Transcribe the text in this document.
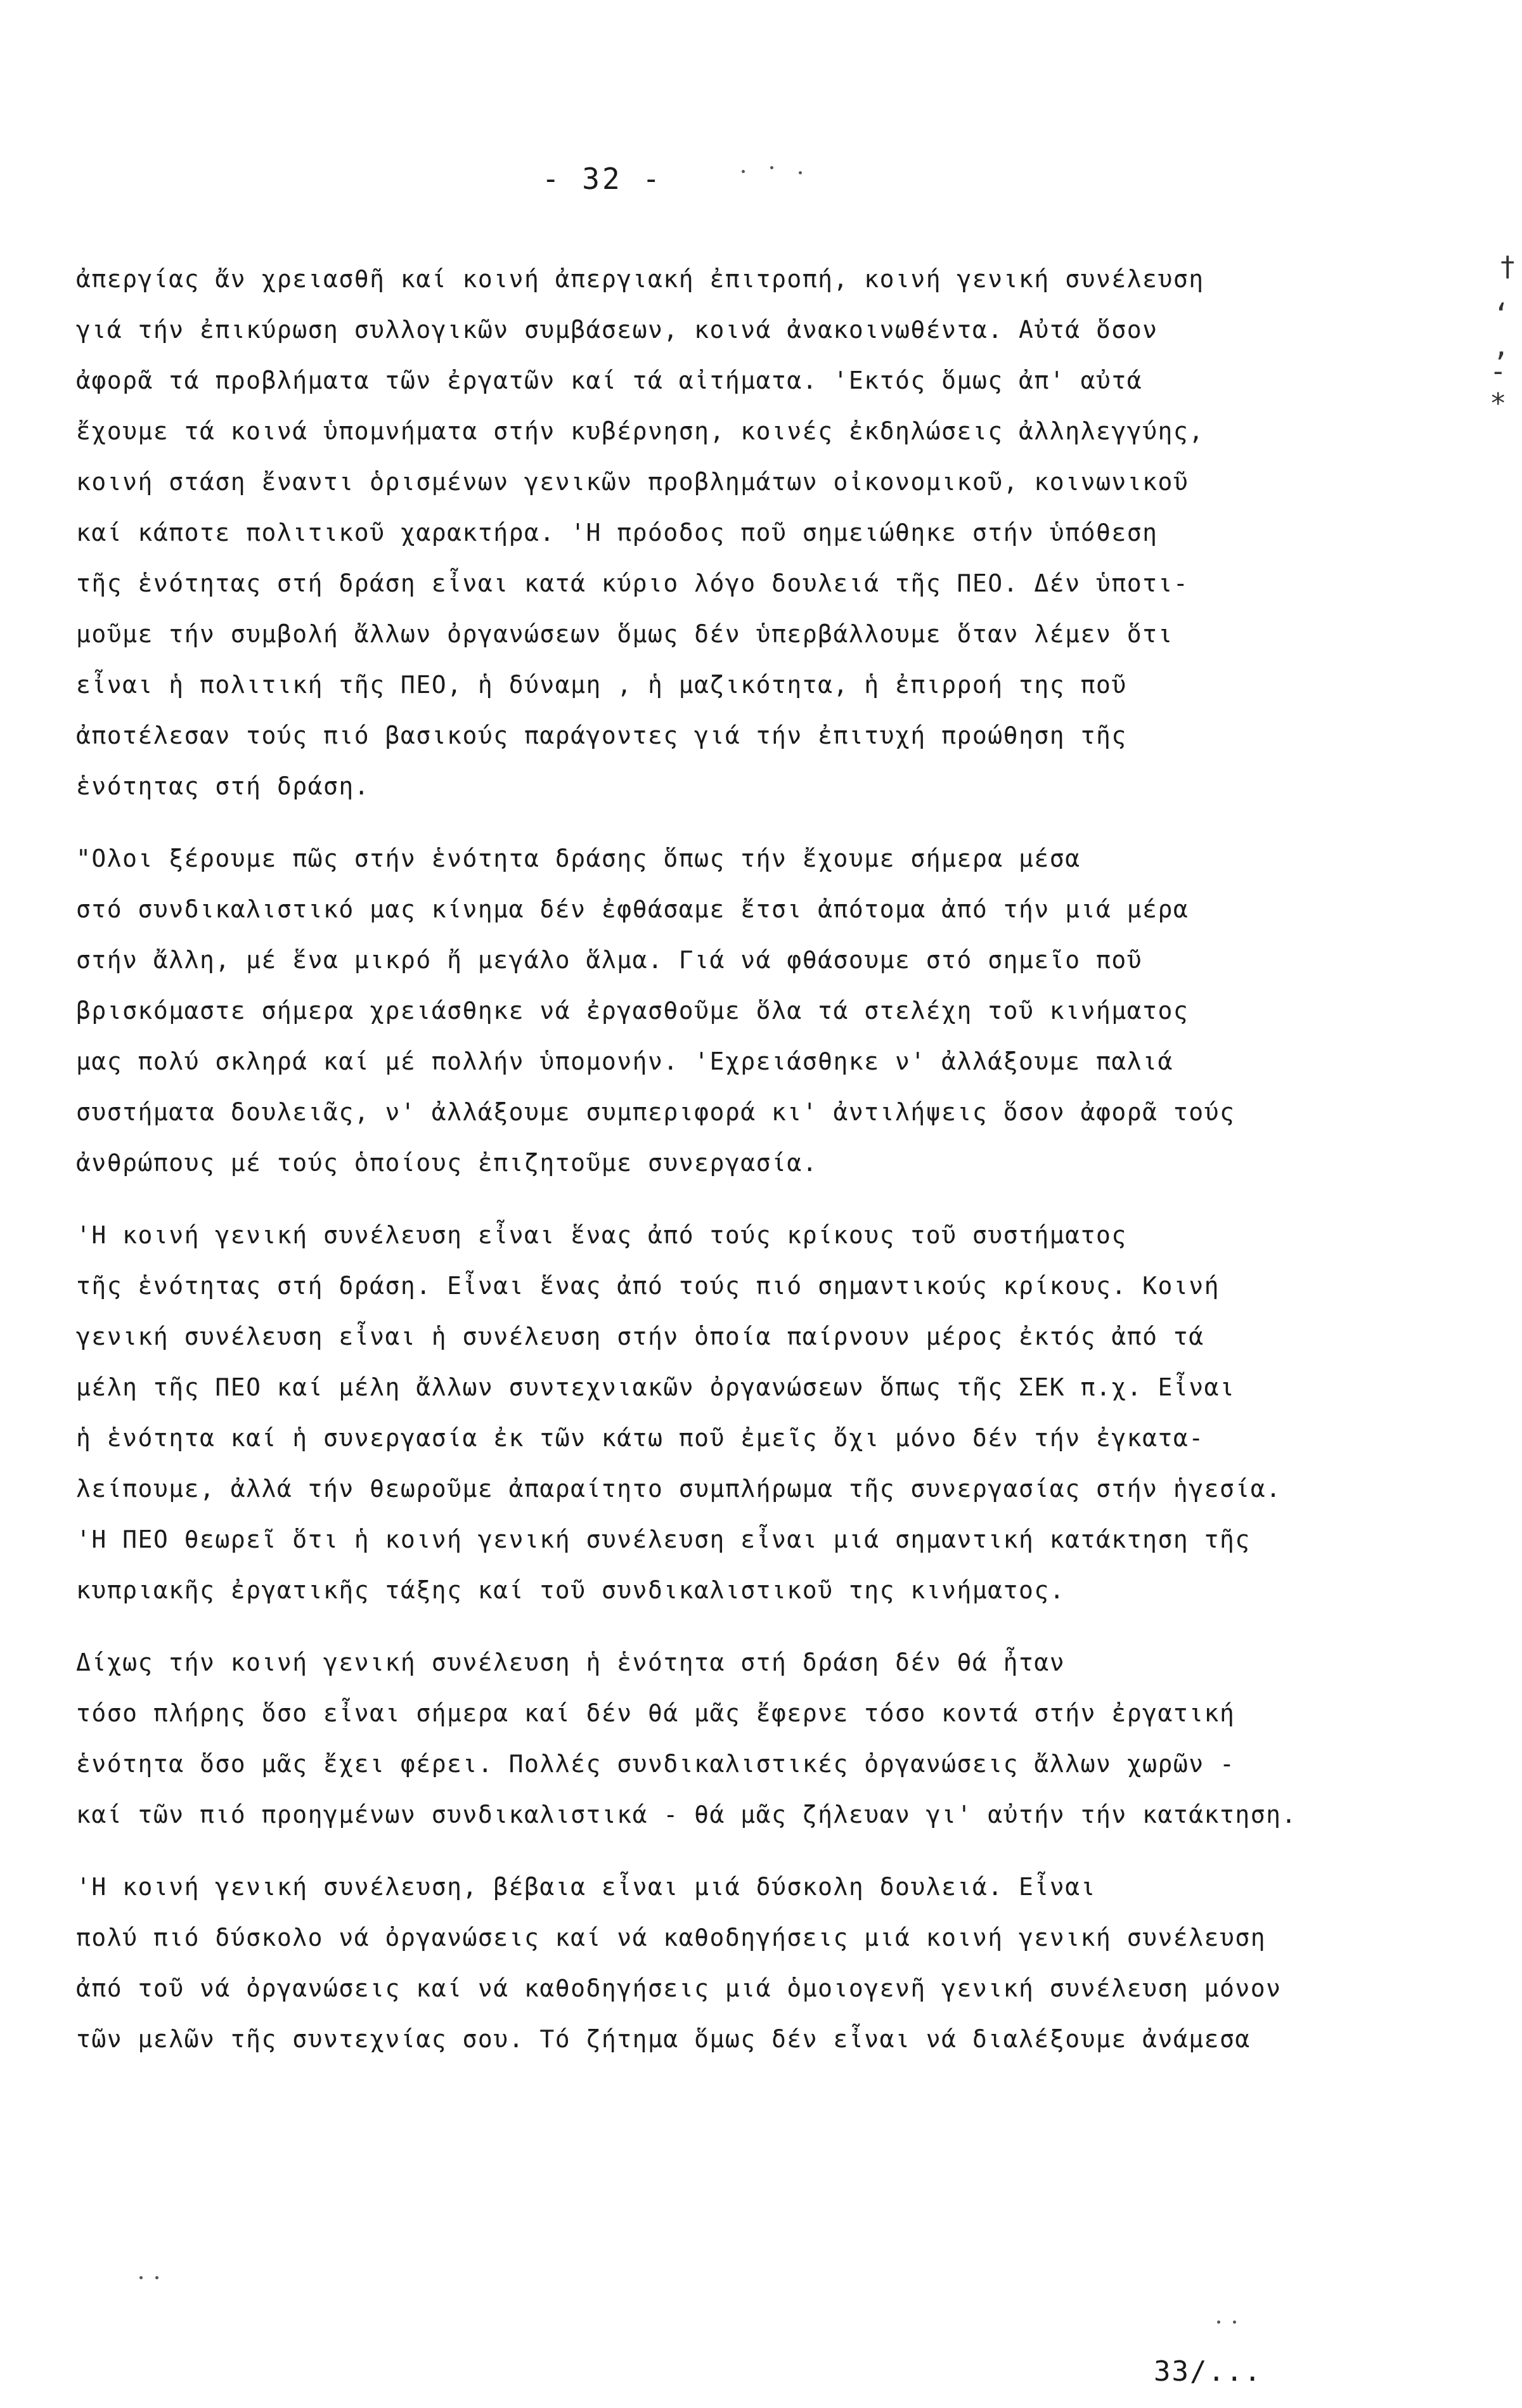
- 32 -
ἀπεργίας ἄν χρειασθῆ καί κοινή ἀπεργιακή ἐπιτροπή, κοινή γενική συνέλευση
γιά τήν ἐπικύρωση συλλογικῶν συμβάσεων, κοινά ἀνακοινωθέντα. Αὐτά ὅσον
ἀφορᾶ τά προβλήματα τῶν ἐργατῶν καί τά αἰτήματα. 'Εκτός ὅμως ἀπ' αὐτά
ἔχουμε τά κοινά ὑπομνήματα στήν κυβέρνηση, κοινές ἐκδηλώσεις ἀλληλεγγύης,
κοινή στάση ἔναντι ὁρισμένων γενικῶν προβλημάτων οἰκονομικοῦ, κοινωνικοῦ
καί κάποτε πολιτικοῦ χαρακτήρα. 'Η πρόοδος ποῦ σημειώθηκε στήν ὑπόθεση
τῆς ἑνότητας στή δράση εἶναι κατά κύριο λόγο δουλειά τῆς ΠΕΟ. Δέν ὑποτι-
μοῦμε τήν συμβολή ἄλλων ὀργανώσεων ὅμως δέν ὑπερβάλλουμε ὅταν λέμεν ὅτι
εἶναι ἡ πολιτική τῆς ΠΕΟ, ἡ δύναμη , ἡ μαζικότητα, ἡ ἐπιρροή της ποῦ
ἀποτέλεσαν τούς πιό βασικούς παράγοντες γιά τήν ἐπιτυχή προώθηση τῆς
ἑνότητας στή δράση.
"Ολοι ξέρουμε πῶς στήν ἑνότητα δράσης ὅπως τήν ἔχουμε σήμερα μέσα
στό συνδικαλιστικό μας κίνημα δέν ἐφθάσαμε ἔτσι ἀπότομα ἀπό τήν μιά μέρα
στήν ἄλλη, μέ ἕνα μικρό ἤ μεγάλο ἅλμα. Γιά νά φθάσουμε στό σημεῖο ποῦ
βρισκόμαστε σήμερα χρειάσθηκε νά ἐργασθοῦμε ὅλα τά στελέχη τοῦ κινήματος
μας πολύ σκληρά καί μέ πολλήν ὑπομονήν. 'Εχρειάσθηκε ν' ἀλλάξουμε παλιά
συστήματα δουλειᾶς, ν' ἀλλάξουμε συμπεριφορά κι' ἀντιλήψεις ὅσον ἀφορᾶ τούς
ἀνθρώπους μέ τούς ὁποίους ἐπιζητοῦμε συνεργασία.
'Η κοινή γενική συνέλευση εἶναι ἕνας ἀπό τούς κρίκους τοῦ συστήματος
τῆς ἑνότητας στή δράση. Εἶναι ἕνας ἀπό τούς πιό σημαντικούς κρίκους. Κοινή
γενική συνέλευση εἶναι ἡ συνέλευση στήν ὁποία παίρνουν μέρος ἐκτός ἀπό τά
μέλη τῆς ΠΕΟ καί μέλη ἄλλων συντεχνιακῶν ὀργανώσεων ὅπως τῆς ΣΕΚ π.χ. Εἶναι
ἡ ἑνότητα καί ἡ συνεργασία ἐκ τῶν κάτω ποῦ ἐμεῖς ὄχι μόνο δέν τήν ἐγκατα-
λείπουμε, ἀλλά τήν θεωροῦμε ἀπαραίτητο συμπλήρωμα τῆς συνεργασίας στήν ἡγεσία.
'Η ΠΕΟ θεωρεῖ ὅτι ἡ κοινή γενική συνέλευση εἶναι μιά σημαντική κατάκτηση τῆς
κυπριακῆς ἐργατικῆς τάξης καί τοῦ συνδικαλιστικοῦ της κινήματος.
Δίχως τήν κοινή γενική συνέλευση ἡ ἑνότητα στή δράση δέν θά ἦταν
τόσο πλήρης ὅσο εἶναι σήμερα καί δέν θά μᾶς ἔφερνε τόσο κοντά στήν ἐργατική
ἑνότητα ὅσο μᾶς ἔχει φέρει. Πολλές συνδικαλιστικές ὀργανώσεις ἄλλων χωρῶν -
καί τῶν πιό προηγμένων συνδικαλιστικά - θά μᾶς ζήλευαν γι' αὐτήν τήν κατάκτηση.
'Η κοινή γενική συνέλευση, βέβαια εἶναι μιά δύσκολη δουλειά. Εἶναι
πολύ πιό δύσκολο νά ὀργανώσεις καί νά καθοδηγήσεις μιά κοινή γενική συνέλευση
ἀπό τοῦ νά ὀργανώσεις καί νά καθοδηγήσεις μιά ὁμοιογενῆ γενική συνέλευση μόνον
τῶν μελῶν τῆς συντεχνίας σου. Τό ζήτημα ὅμως δέν εἶναι νά διαλέξουμε ἀνάμεσα
33/...
†
‘ ,
-*
